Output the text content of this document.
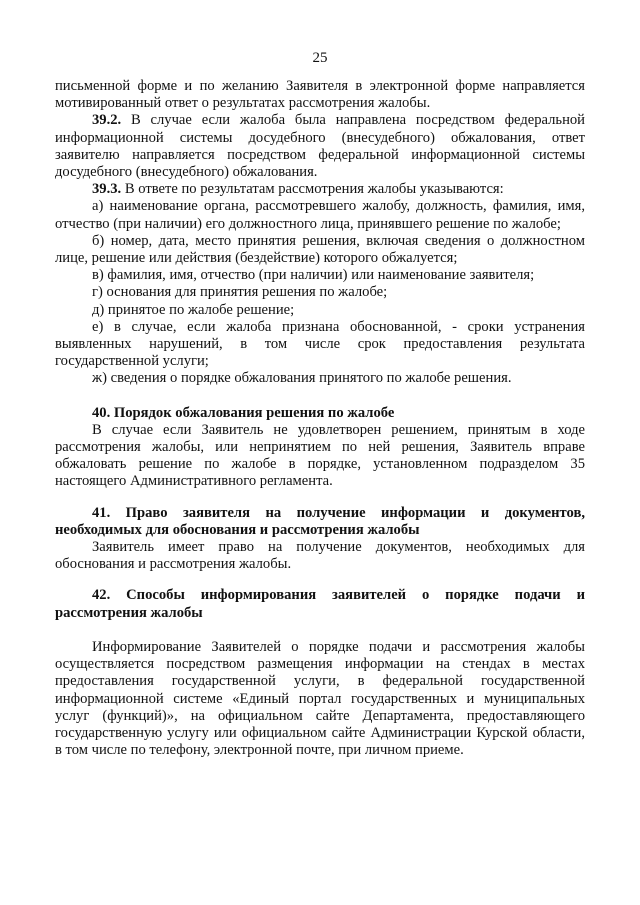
25

письменной форме и по желанию Заявителя в электронной форме направляется мотивированный ответ о результатах рассмотрения жалобы.

39.2. В случае если жалоба была направлена посредством федеральной информационной системы досудебного (внесудебного) обжалования, ответ заявителю направляется посредством федеральной информационной системы досудебного (внесудебного) обжалования.

39.3. В ответе по результатам рассмотрения жалобы указываются:

а) наименование органа, рассмотревшего жалобу, должность, фамилия, имя, отчество (при наличии) его должностного лица, принявшего решение по жалобе;

б) номер, дата, место принятия решения, включая сведения о должностном лице, решение или действия (бездействие) которого обжалуется;

в) фамилия, имя, отчество (при наличии) или наименование заявителя;

г) основания для принятия решения по жалобе;

д) принятое по жалобе решение;

е) в случае, если жалоба признана обоснованной, - сроки устранения выявленных нарушений, в том числе срок предоставления результата государственной услуги;

ж) сведения о порядке обжалования принятого по жалобе решения.

40. Порядок обжалования решения по жалобе

В случае если Заявитель не удовлетворен решением, принятым в ходе рассмотрения жалобы, или непринятием по ней решения, Заявитель вправе обжаловать решение по жалобе в порядке, установленном подразделом 35 настоящего Административного регламента.

41. Право заявителя на получение информации и документов, необходимых для обоснования и рассмотрения жалобы

Заявитель имеет право на получение документов, необходимых для обоснования и рассмотрения жалобы.

42. Способы информирования заявителей о порядке подачи и рассмотрения жалобы

Информирование Заявителей о порядке подачи и рассмотрения жалобы осуществляется посредством размещения информации на стендах в местах предоставления государственной услуги, в федеральной государственной информационной системе «Единый портал государственных и муниципальных услуг (функций)», на официальном сайте Департамента, предоставляющего государственную услугу или официальном сайте Администрации Курской области, в том числе по телефону, электронной почте, при личном приеме.
